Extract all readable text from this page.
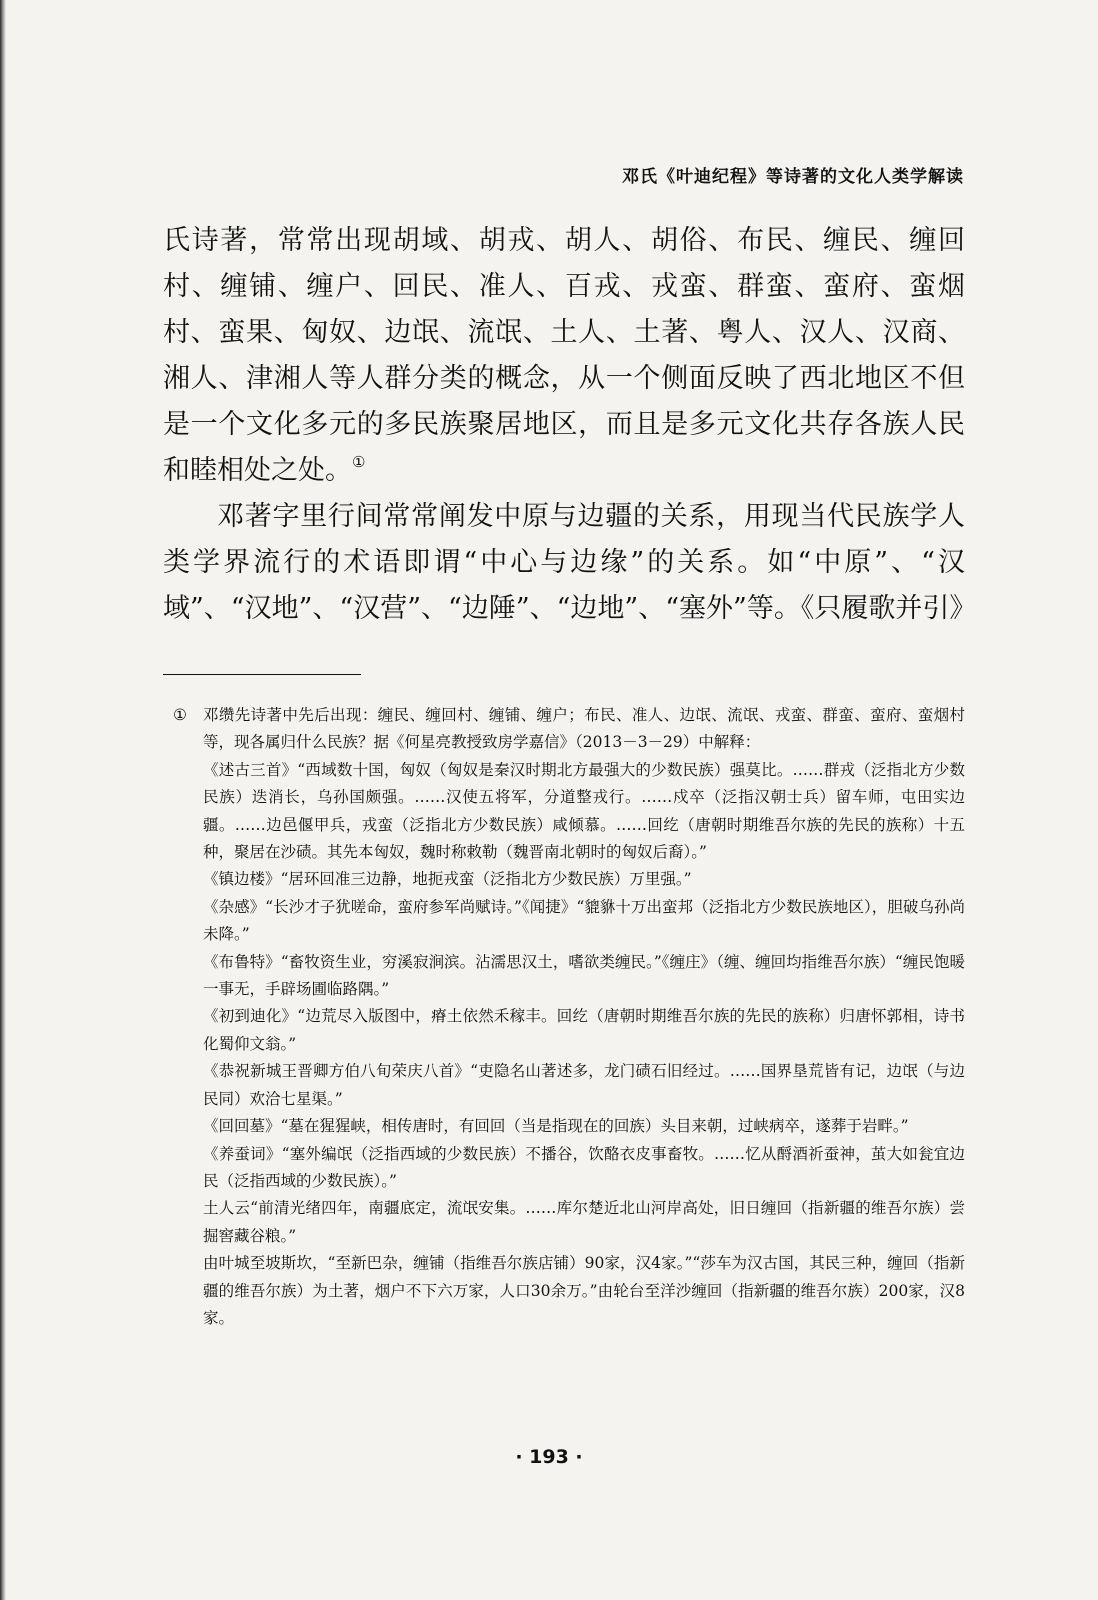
邓氏《叶迪纪程》等诗著的文化人类学解读

氏诗著，常常出现胡域、胡戎、胡人、胡俗、布民、缠民、缠回村、缠铺、缠户、回民、准人、百戎、戎蛮、群蛮、蛮府、蛮烟村、蛮果、匈奴、边氓、流氓、土人、土著、粤人、汉人、汉商、湘人、津湘人等人群分类的概念，从一个侧面反映了西北地区不但是一个文化多元的多民族聚居地区，而且是多元文化共存各族人民和睦相处之处。①

邓著字里行间常常阐发中原与边疆的关系，用现当代民族学人类学界流行的术语即谓“中心与边缘”的关系。如“中原”、“汉域”、“汉地”、“汉营”、“边陲”、“边地”、“塞外”等。《只履歌并引》

① 邓缵先诗著中先后出现：缠民、缠回村、缠铺、缠户；布民、准人、边氓、流氓、戎蛮、群蛮、蛮府、蛮烟村等，现各属归什么民族？据《何星亮教授致房学嘉信》（2013－3－29）中解释：

《述古三首》“西域数十国，匈奴（匈奴是秦汉时期北方最强大的少数民族）强莫比。……群戎（泛指北方少数民族）迭消长，乌孙国颇强。……汉使五将军，分道整戎行。……戍卒（泛指汉朝士兵）留车师，屯田实边疆。……边邑偃甲兵，戎蛮（泛指北方少数民族）咸倾慕。……回纥（唐朝时期维吾尔族的先民的族称）十五种，聚居在沙碛。其先本匈奴，魏时称敕勒（魏晋南北朝时的匈奴后裔）。”

《镇边楼》“居环回准三边静，地扼戎蛮（泛指北方少数民族）万里强。”

《杂感》“长沙才子犹嗟命，蛮府参军尚赋诗。”《闻捷》“貔貅十万出蛮邦（泛指北方少数民族地区），胆破乌孙尚未降。”

《布鲁特》“畜牧资生业，穷溪寂涧滨。沾濡思汉土，嗜欲类缠民。”《缠庄》（缠、缠回均指维吾尔族）“缠民饱暖一事无，手辟场圃临路隅。”

《初到迪化》“边荒尽入版图中，瘠土依然禾稼丰。回纥（唐朝时期维吾尔族的先民的族称）归唐怀郭相，诗书化蜀仰文翁。”

《恭祝新城王晋卿方伯八旬荣庆八首》“吏隐名山著述多，龙门碛石旧经过。……国界垦荒皆有记，边氓（与边民同）欢洽七星渠。”

《回回墓》“墓在猩猩峡，相传唐时，有回回（当是指现在的回族）头目来朝，过峡病卒，遂葬于岩畔。”

《养蚕词》“塞外编氓（泛指西域的少数民族）不播谷，饮酪衣皮事畜牧。……忆从酹酒祈蚕神，茧大如瓮宜边民（泛指西域的少数民族）。”

土人云“前清光绪四年，南疆底定，流氓安集。……库尔楚近北山河岸高处，旧日缠回（指新疆的维吾尔族）尝掘窖藏谷粮。”

由叶城至坡斯坎，“至新巴杂，缠铺（指维吾尔族店铺）90家，汉4家。”“莎车为汉古国，其民三种，缠回（指新疆的维吾尔族）为土著，烟户不下六万家，人口30余万。”由轮台至洋沙缠回（指新疆的维吾尔族）200家，汉8家。

· 193 ·
